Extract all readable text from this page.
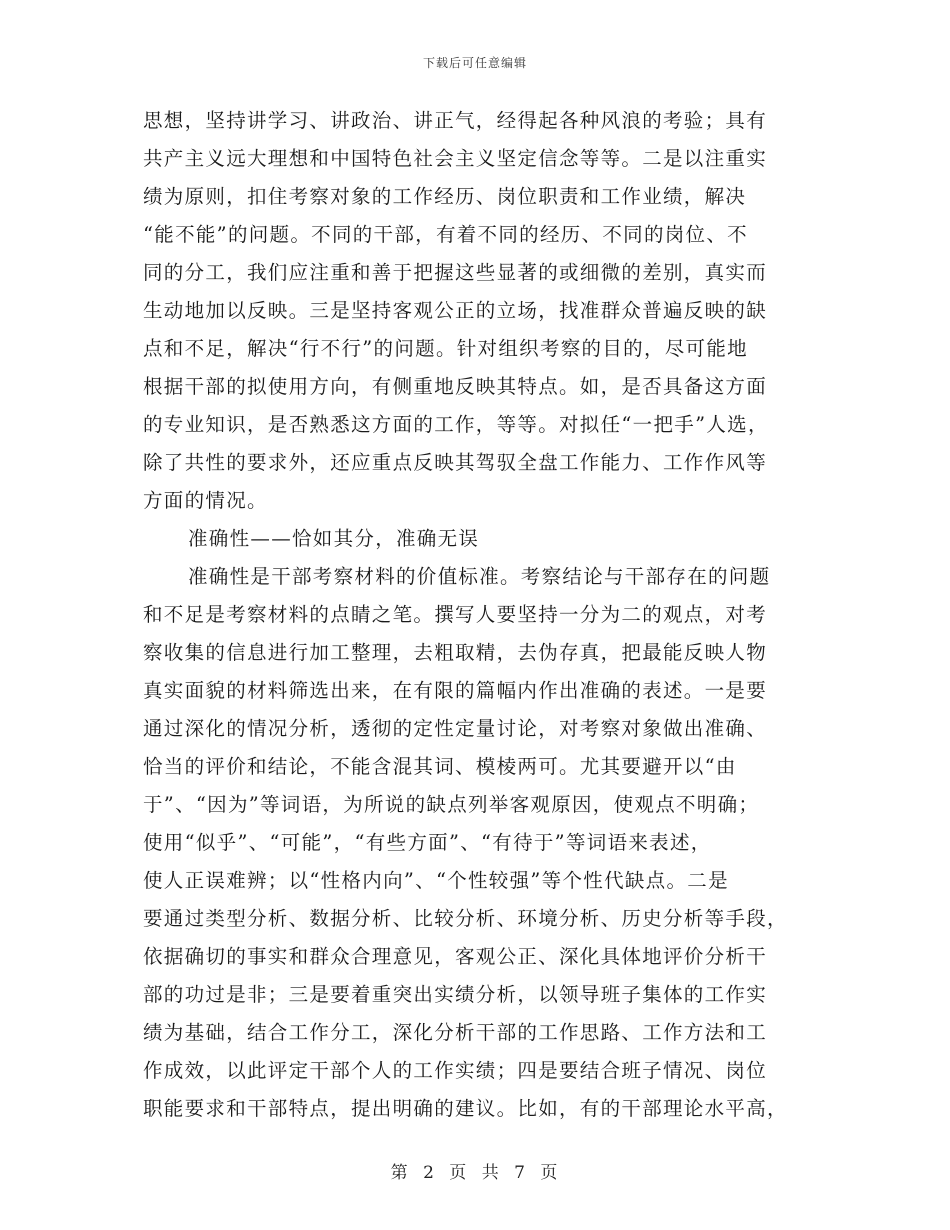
下载后可任意编辑
思想，坚持讲学习、讲政治、讲正气，经得起各种风浪的考验；具有
共产主义远大理想和中国特色社会主义坚定信念等等。二是以注重实
绩为原则，扣住考察对象的工作经历、岗位职责和工作业绩，解决
“能不能”的问题。不同的干部，有着不同的经历、不同的岗位、不
同的分工，我们应注重和善于把握这些显著的或细微的差别，真实而
生动地加以反映。三是坚持客观公正的立场，找准群众普遍反映的缺
点和不足，解决“行不行”的问题。针对组织考察的目的，尽可能地
根据干部的拟使用方向，有侧重地反映其特点。如，是否具备这方面
的专业知识，是否熟悉这方面的工作，等等。对拟任“一把手”人选，
除了共性的要求外，还应重点反映其驾驭全盘工作能力、工作作风等
方面的情况。
准确性——恰如其分，准确无误
准确性是干部考察材料的价值标准。考察结论与干部存在的问题
和不足是考察材料的点睛之笔。撰写人要坚持一分为二的观点，对考
察收集的信息进行加工整理，去粗取精，去伪存真，把最能反映人物
真实面貌的材料筛选出来，在有限的篇幅内作出准确的表述。一是要
通过深化的情况分析，透彻的定性定量讨论，对考察对象做出准确、
恰当的评价和结论，不能含混其词、模棱两可。尤其要避开以“由
于”、“因为”等词语，为所说的缺点列举客观原因，使观点不明确；
使用“似乎”、“可能”，“有些方面”、“有待于”等词语来表述，
使人正误难辨；以“性格内向”、“个性较强”等个性代缺点。二是
要通过类型分析、数据分析、比较分析、环境分析、历史分析等手段，
依据确切的事实和群众合理意见，客观公正、深化具体地评价分析干
部的功过是非；三是要着重突出实绩分析，以领导班子集体的工作实
绩为基础，结合工作分工，深化分析干部的工作思路、工作方法和工
作成效，以此评定干部个人的工作实绩；四是要结合班子情况、岗位
职能要求和干部特点，提出明确的建议。比如，有的干部理论水平高，
第 2 页 共 7 页
